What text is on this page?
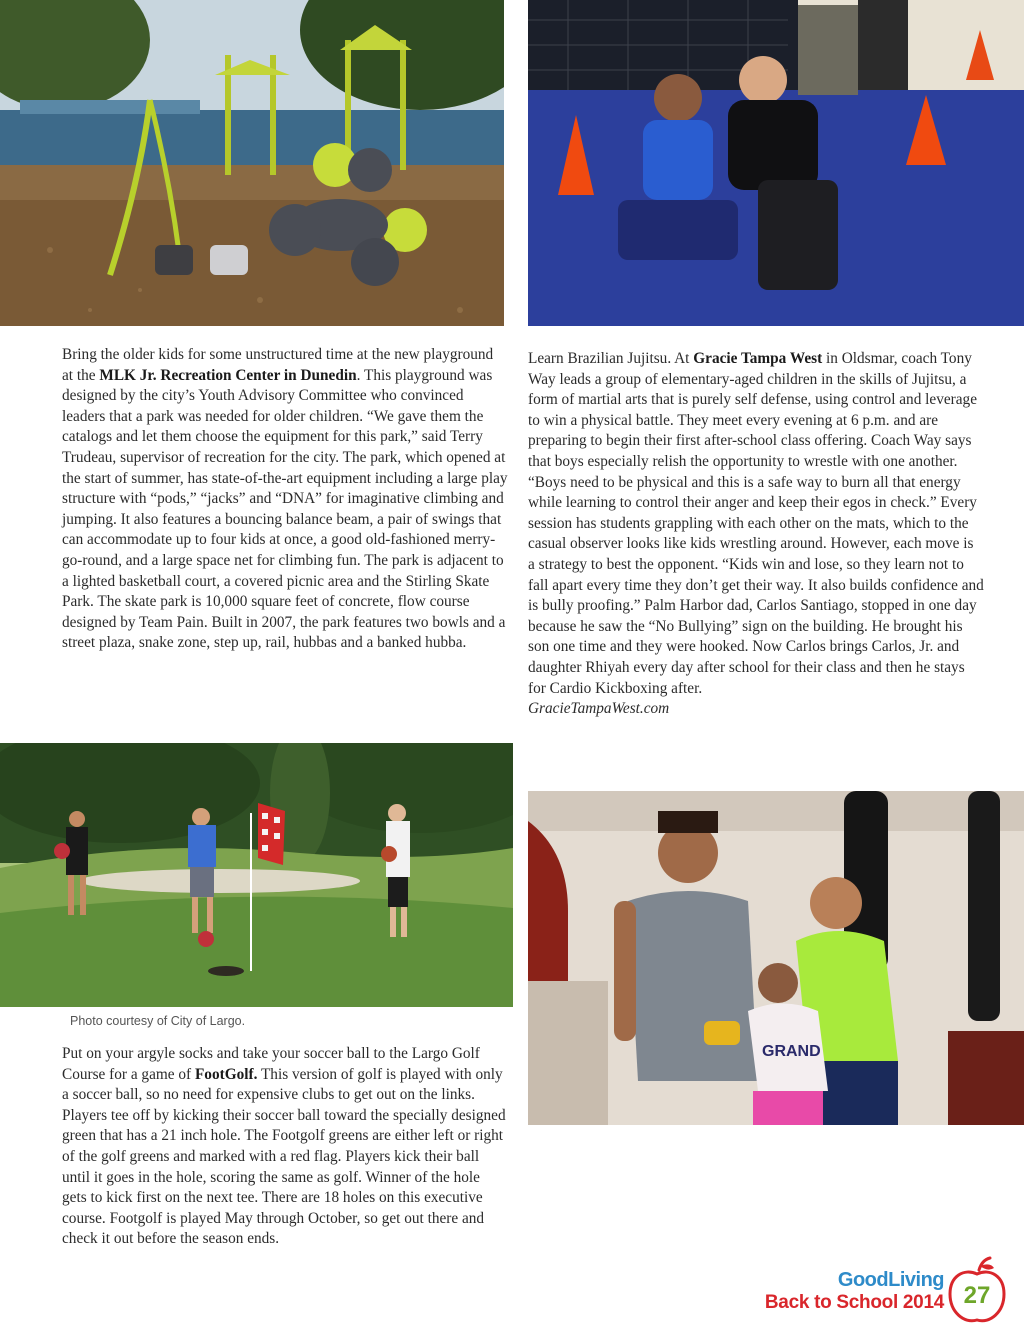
Bring the older kids for some unstructured time at the new playground at the MLK Jr. Recreation Center in Dunedin. This playground was designed by the city’s Youth Advisory Committee who convinced leaders that a park was needed for older children. “We gave them the catalogs and let them choose the equipment for this park,” said Terry Trudeau, supervisor of recreation for the city. The park, which opened at the start of summer, has state-of-the-art equipment including a large play structure with “pods,” “jacks” and “DNA” for imaginative climbing and jumping. It also features a bouncing balance beam, a pair of swings that can accommodate up to four kids at once, a good old-fashioned merry-go-round, and a large space net for climbing fun. The park is adjacent to a lighted basketball court, a covered picnic area and the Stirling Skate Park. The skate park is 10,000 square feet of concrete, flow course designed by Team Pain. Built in 2007, the park features two bowls and a street plaza, snake zone, step up, rail, hubbas and a banked hubba.

Learn Brazilian Jujitsu. At Gracie Tampa West in Oldsmar, coach Tony Way leads a group of elementary-aged children in the skills of Jujitsu, a form of martial arts that is purely self defense, using control and leverage to win a physical battle. They meet every evening at 6 p.m. and are preparing to begin their first after-school class offering. Coach Way says that boys especially relish the opportunity to wrestle with one another. “Boys need to be physical and this is a safe way to burn all that energy while learning to control their anger and keep their egos in check.” Every session has students grappling with each other on the mats, which to the casual observer looks like kids wrestling around. However, each move is a strategy to best the opponent. “Kids win and lose, so they learn not to fall apart every time they don’t get their way. It also builds confidence and is bully proofing.” Palm Harbor dad, Carlos Santiago, stopped in one day because he saw the “No Bullying” sign on the building. He brought his son one time and they were hooked. Now Carlos brings Carlos, Jr. and daughter Rhiyah every day after school for their class and then he stays for Cardio Kickboxing after.
GracieTampaWest.com

Photo courtesy of City of Largo.

Put on your argyle socks and take your soccer ball to the Largo Golf Course for a game of FootGolf. This version of golf is played with only a soccer ball, so no need for expensive clubs to get out on the links. Players tee off by kicking their soccer ball toward the specially designed green that has a 21 inch hole. The Footgolf greens are either left or right of the golf greens and marked with a red flag. Players kick their ball until it goes in the hole, scoring the same as golf. Winner of the hole gets to kick first on the next tee. There are 18 holes on this executive course. Footgolf is played May through October, so get out there and check it out before the season ends.

GRAND
GoodLiving
Back to School 2014 27
